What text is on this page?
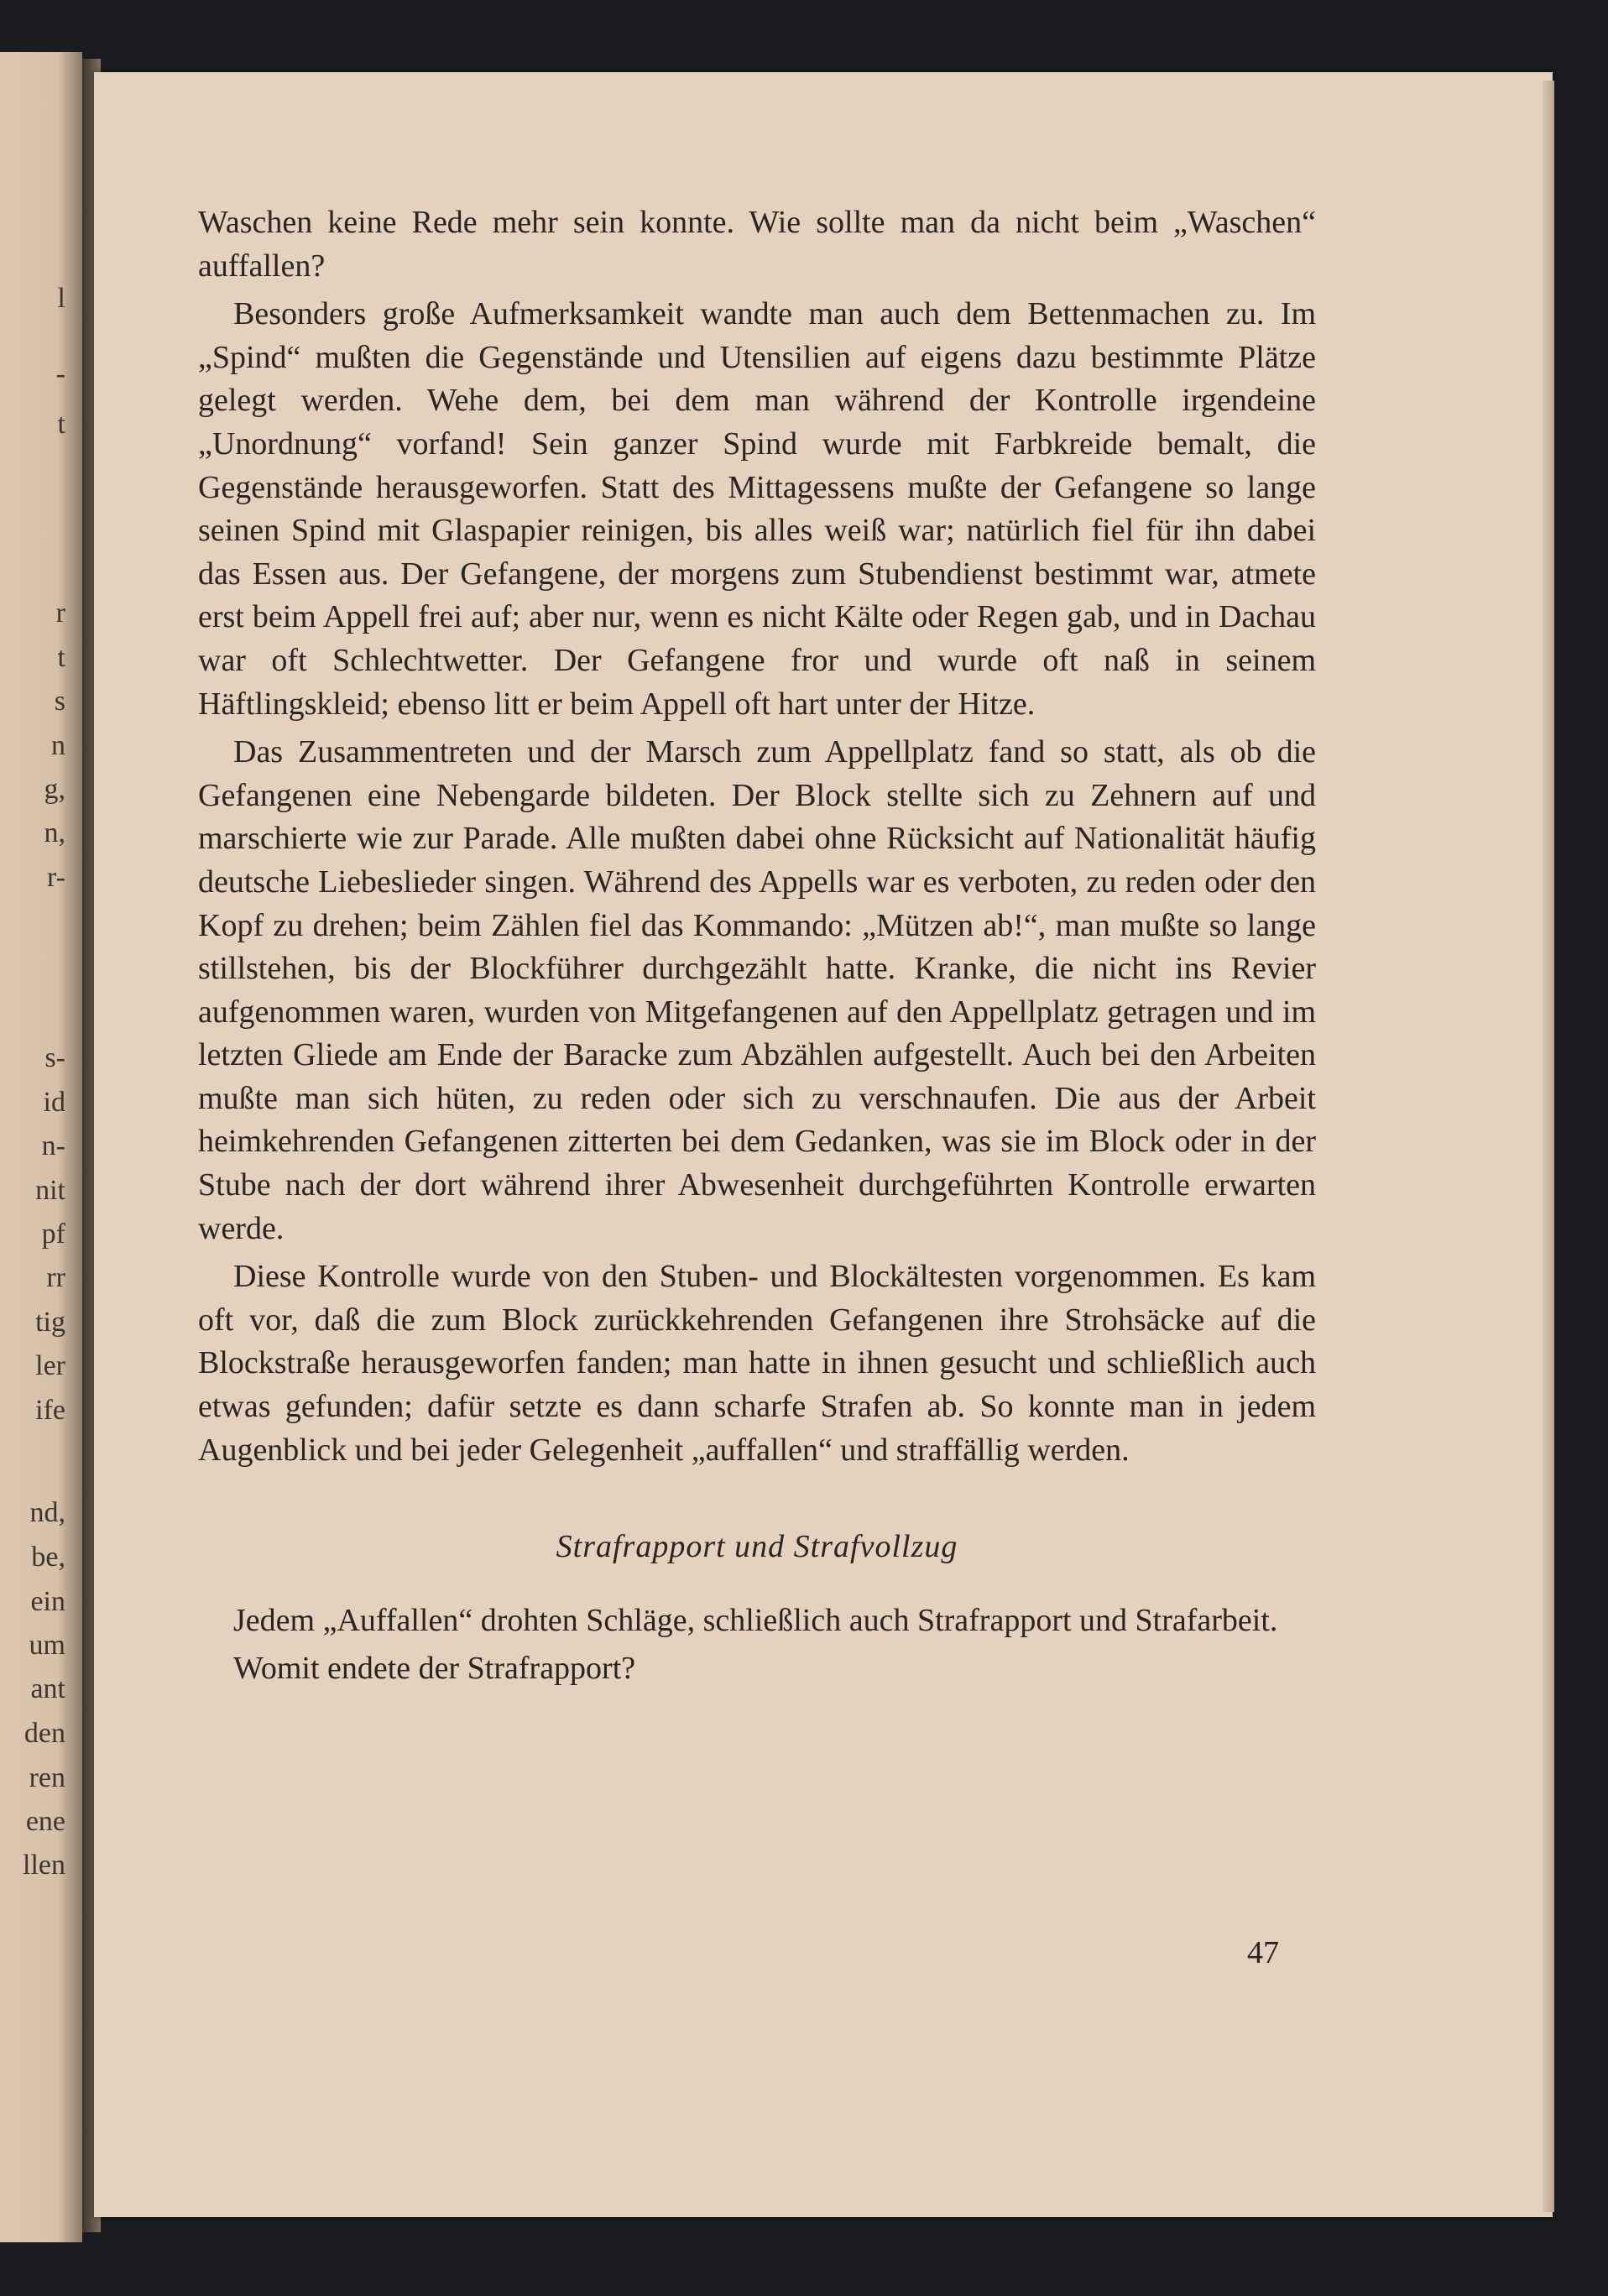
l
-
t
r
t
s
n
g,
n,
r-
s-
id
n-
nit
pf
rr
tig
ler
ife
nd,
be,
ein
um
ant
den
ren
ene
llen

Waschen keine Rede mehr sein konnte. Wie sollte man da nicht beim „Waschen“ auffallen?

Besonders große Aufmerksamkeit wandte man auch dem Bettenmachen zu. Im „Spind“ mußten die Gegenstände und Utensilien auf eigens dazu bestimmte Plätze gelegt werden. Wehe dem, bei dem man während der Kontrolle irgendeine „Unordnung“ vorfand! Sein ganzer Spind wurde mit Farbkreide bemalt, die Gegenstände herausgeworfen. Statt des Mittagessens mußte der Gefangene so lange seinen Spind mit Glaspapier reinigen, bis alles weiß war; natürlich fiel für ihn dabei das Essen aus. Der Gefangene, der morgens zum Stubendienst bestimmt war, atmete erst beim Appell frei auf; aber nur, wenn es nicht Kälte oder Regen gab, und in Dachau war oft Schlechtwetter. Der Gefangene fror und wurde oft naß in seinem Häftlingskleid; ebenso litt er beim Appell oft hart unter der Hitze.

Das Zusammentreten und der Marsch zum Appellplatz fand so statt, als ob die Gefangenen eine Nebengarde bildeten. Der Block stellte sich zu Zehnern auf und marschierte wie zur Parade. Alle mußten dabei ohne Rücksicht auf Nationalität häufig deutsche Liebeslieder singen. Während des Appells war es verboten, zu reden oder den Kopf zu drehen; beim Zählen fiel das Kommando: „Mützen ab!“, man mußte so lange stillstehen, bis der Blockführer durchgezählt hatte. Kranke, die nicht ins Revier aufgenommen waren, wurden von Mitgefangenen auf den Appellplatz getragen und im letzten Gliede am Ende der Baracke zum Abzählen aufgestellt. Auch bei den Arbeiten mußte man sich hüten, zu reden oder sich zu verschnaufen. Die aus der Arbeit heimkehrenden Gefangenen zitterten bei dem Gedanken, was sie im Block oder in der Stube nach der dort während ihrer Abwesenheit durchgeführten Kontrolle erwarten werde.

Diese Kontrolle wurde von den Stuben- und Blockältesten vorgenommen. Es kam oft vor, daß die zum Block zurückkehrenden Gefangenen ihre Strohsäcke auf die Blockstraße herausgeworfen fanden; man hatte in ihnen gesucht und schließlich auch etwas gefunden; dafür setzte es dann scharfe Strafen ab. So konnte man in jedem Augenblick und bei jeder Gelegenheit „auffallen“ und straffällig werden.

Strafrapport und Strafvollzug

Jedem „Auffallen“ drohten Schläge, schließlich auch Strafrapport und Strafarbeit.

Womit endete der Strafrapport?

47
